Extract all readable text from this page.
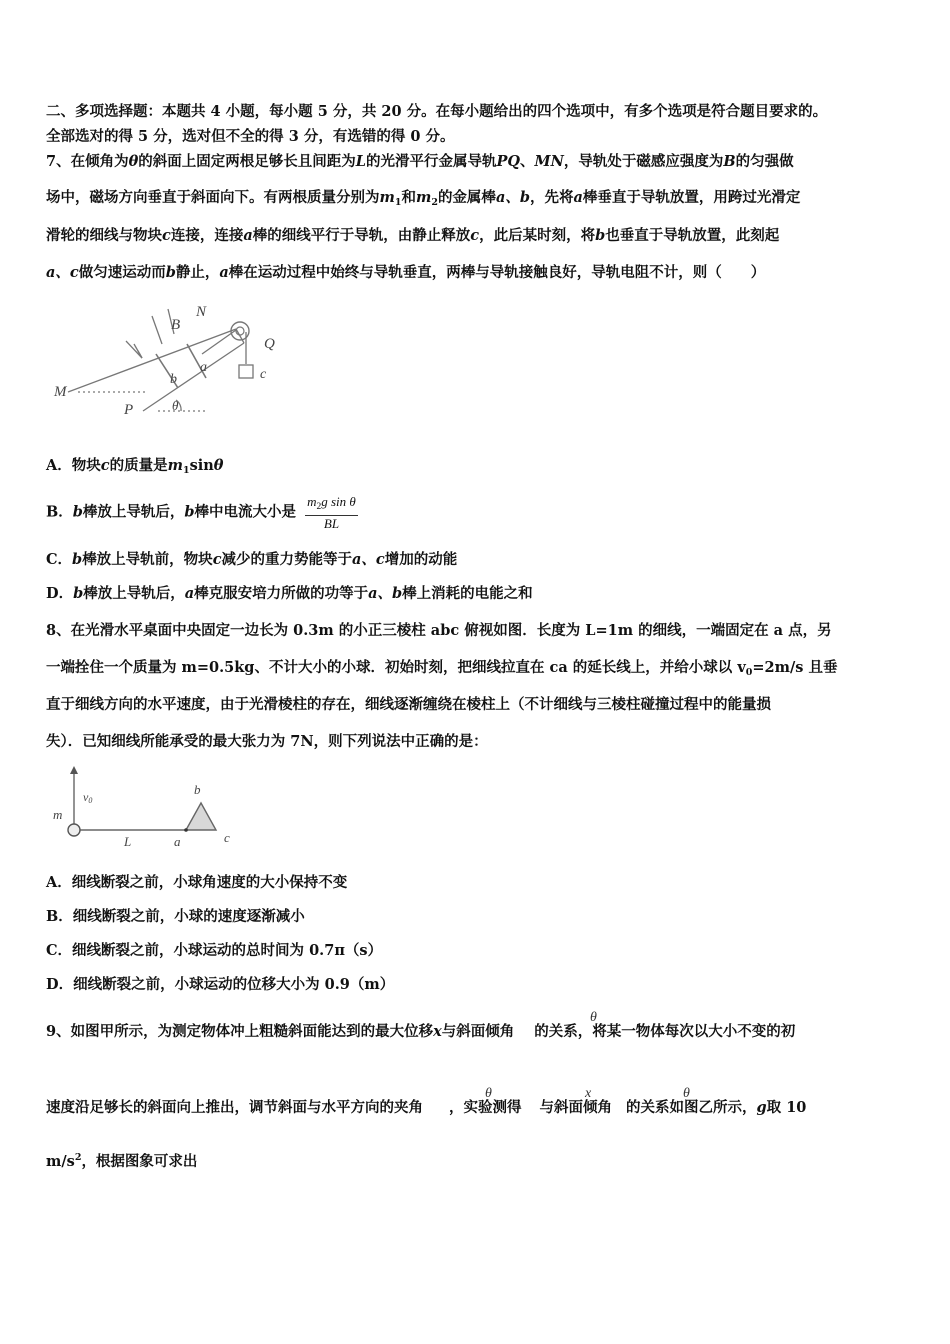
二、多项选择题：本题共 4 小题，每小题 5 分，共 20 分。在每小题给出的四个选项中，有多个选项是符合题目要求的。
全部选对的得 5 分，选对但不全的得 3 分，有选错的得 0 分。
7、在倾角为θ的斜面上固定两根足够长且间距为L的光滑平行金属导轨PQ、MN，导轨处于磁感应强度为B的匀强做
场中，磁场方向垂直于斜面向下。有两根质量分别为$m_1$和$m_2$的金属棒a、b，先将a棒垂直于导轨放置，用跨过光滑定
滑轮的细线与物块c连接，连接a棒的细线平行于导轨，由静止释放c，此后某时刻，将b也垂直于导轨放置，此刻起
a、c做匀速运动而b静止，a棒在运动过程中始终与导轨垂直，两棒与导轨接触良好，导轨电阻不计，则（　　）
B
N
Q
a
b	c
M
P	θ
A．物块c的质量是$m_1\sin\theta$
B．b棒放上导轨后，b棒中电流大小是 $\frac{m_2g \sin \theta}{BL}$
C．b棒放上导轨前，物块c减少的重力势能等于a、c增加的动能
D．b棒放上导轨后，a棒克服安培力所做的功等于a、b棒上消耗的电能之和
8、在光滑水平桌面中央固定一边长为 0.3m 的小正三棱柱 abc 俯视如图．长度为 L=1m 的细线，一端固定在 a 点，另
一端拴住一个质量为 m=0.5kg、不计大小的小球．初始时刻，把细线拉直在 ca 的延长线上，并给小球以 $v_0=2m/s$ 且垂
直于细线方向的水平速度，由于光滑棱柱的存在，细线逐渐缠绕在棱柱上（不计细线与三棱柱碰撞过程中的能量损
失）．已知细线所能承受的最大张力为 7N，则下列说法中正确的是：
v0
m
L	a
b
c
A．细线断裂之前，小球角速度的大小保持不变
B．细线断裂之前，小球的速度逐渐减小
C．细线断裂之前，小球运动的总时间为 0.7π（s）
D．细线断裂之前，小球运动的位移大小为 0.9（m）
9、如图甲所示，为测定物体冲上粗糙斜面能达到的最大位移x与斜面倾角 的关系，将某一物体每次以大小不变的初
θ
速度沿足够长的斜面向上推出，调节斜面与水平方向的夹角 ，实验测得 与斜面倾角 的关系如图乙所示，g取 10
θ	x	θ
$m/s^2$，根据图象可求出
